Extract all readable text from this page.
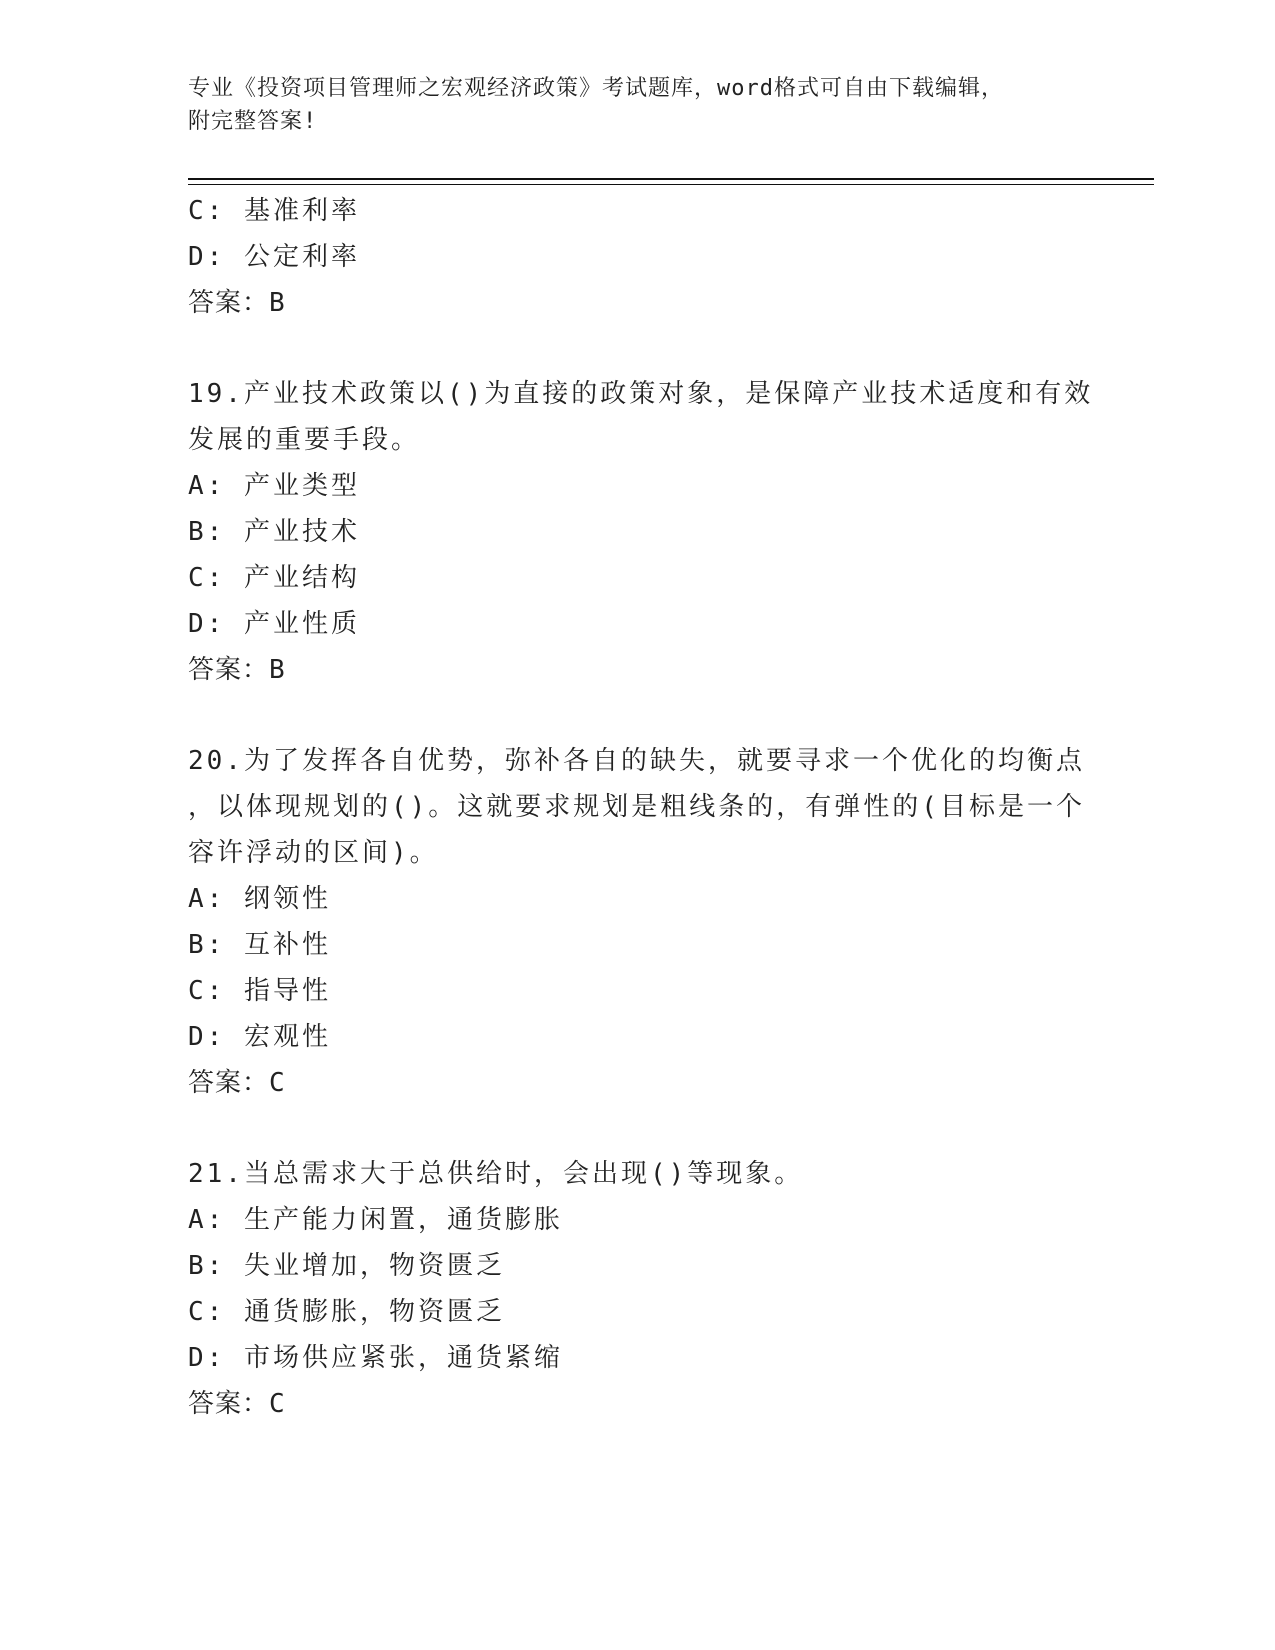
专业《投资项目管理师之宏观经济政策》考试题库，word格式可自由下载编辑，
附完整答案!
C: 基准利率
D: 公定利率
答案：B
19.产业技术政策以()为直接的政策对象，是保障产业技术适度和有效
发展的重要手段。
A: 产业类型
B: 产业技术
C: 产业结构
D: 产业性质
答案：B
20.为了发挥各自优势，弥补各自的缺失，就要寻求一个优化的均衡点
，以体现规划的()。这就要求规划是粗线条的，有弹性的(目标是一个
容许浮动的区间)。
A: 纲领性
B: 互补性
C: 指导性
D: 宏观性
答案：C
21.当总需求大于总供给时，会出现()等现象。
A: 生产能力闲置，通货膨胀
B: 失业增加，物资匮乏
C: 通货膨胀，物资匮乏
D: 市场供应紧张，通货紧缩
答案：C
